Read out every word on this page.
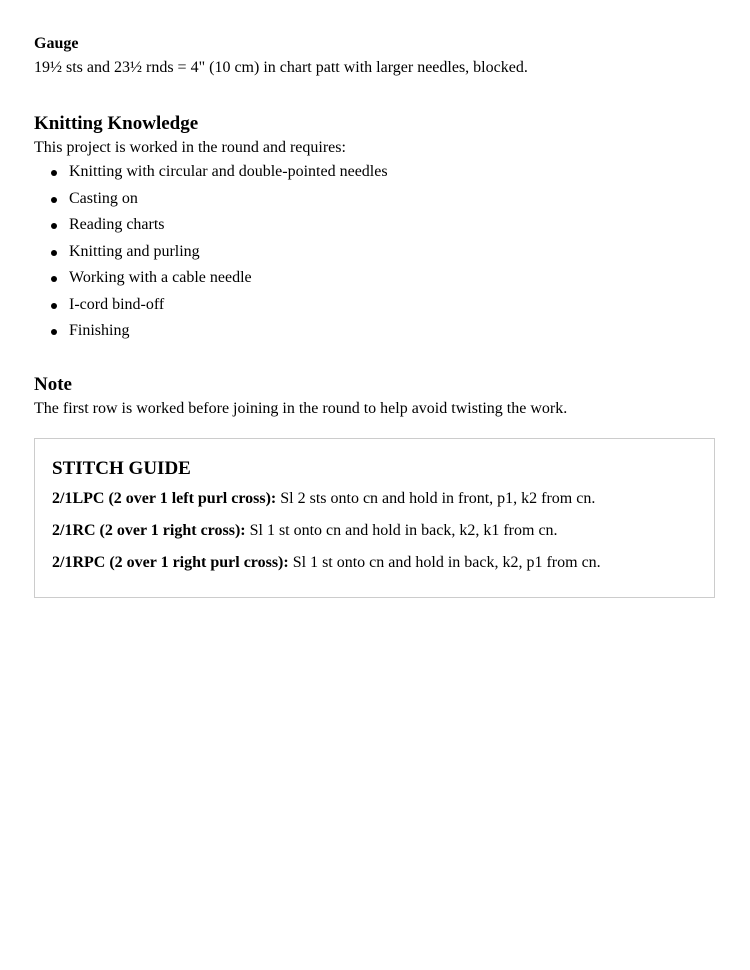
Gauge

19½ sts and 23½ rnds = 4" (10 cm) in chart patt with larger needles, blocked.

Knitting Knowledge

This project is worked in the round and requires:

Knitting with circular and double-pointed needles
Casting on
Reading charts
Knitting and purling
Working with a cable needle
I-cord bind-off
Finishing

Note

The first row is worked before joining in the round to help avoid twisting the work.

STITCH GUIDE

2/1LPC (2 over 1 left purl cross): Sl 2 sts onto cn and hold in front, p1, k2 from cn.

2/1RC (2 over 1 right cross): Sl 1 st onto cn and hold in back, k2, k1 from cn.

2/1RPC (2 over 1 right purl cross): Sl 1 st onto cn and hold in back, k2, p1 from cn.
